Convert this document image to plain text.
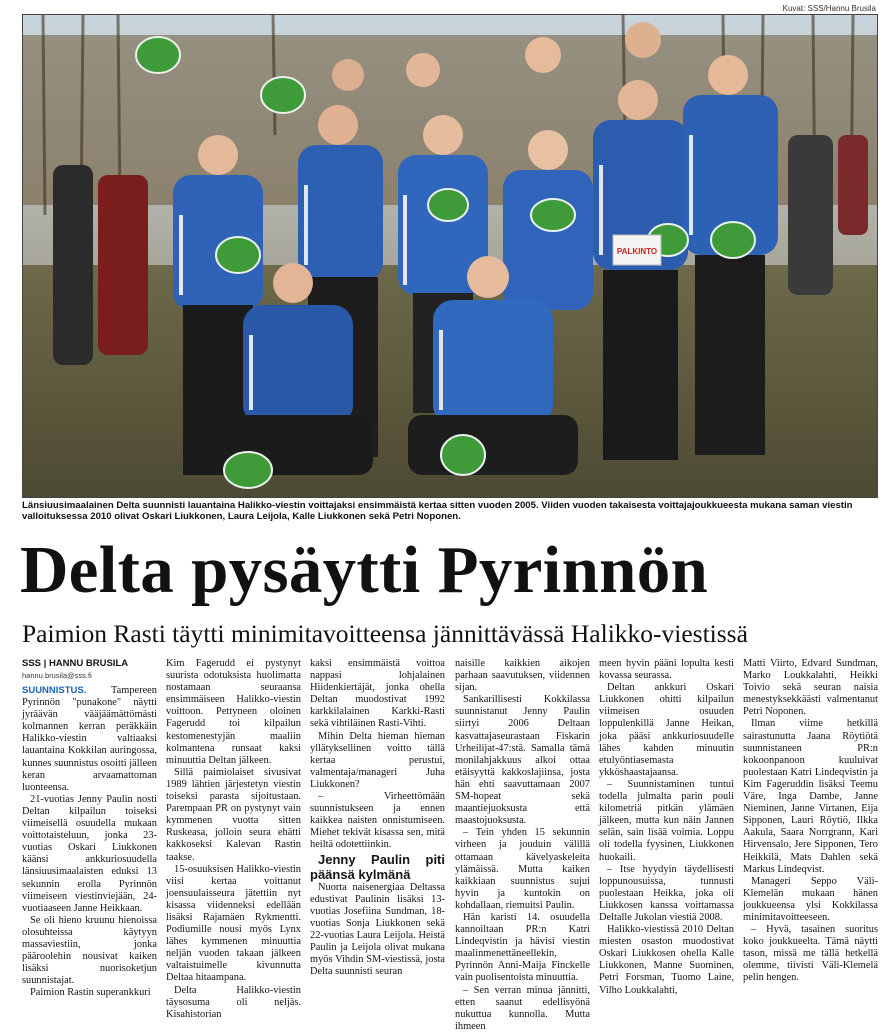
Kuvat: SSS/Hannu Brusila
PALKINTO
Länsiuusimaalainen Delta suunnisti lauantaina Halikko-viestin voittajaksi ensimmäistä kertaa sitten vuoden 2005. Viiden vuoden takaisesta voittajajoukkueesta mukana saman viestin valloituksessa 2010 olivat Oskari Liukkonen, Laura Leijola, Kalle Liukkonen sekä Petri Noponen.
Delta pysäytti Pyrinnön
Paimion Rasti täytti minimitavoitteensa jännittävässä Halikko-viestissä
SSS | HANNU BRUSILA
hannu.brusila@sss.fi

SUUNNISTUS. Tampereen Pyrinnön "punakone" näytti jyräävän vääjäämättömästi kolmannen kerran peräkkäin Halikko-viestin valtiaaksi lauantaina Kokkilan auringossa, kunnes suunnistus osoitti jälleen keran arvaamattoman luonteensa.

21-vuotias Jenny Paulin nosti Deltan kilpailun toiseksi viimeisellä osuudella mukaan voittotaisteluun, jonka 23-vuotias Oskari Liukkonen käänsi ankkuriosuudella länsiuusimaalaisten eduksi 13 sekunnin erolla Pyrinnön viimeiseen viestinviejään, 24-vuotiaaseen Janne Heikkaan.

Se oli hieno kruunu hienoissa olosuhteissa käytyyn massaviestiin, jonka pääroolehin nousivat kaiken lisäksi nuorisoketjun suunnistajat.

Paimion Rastin superankkuri

Kim Fagerudd ei pystynyt suurista odotuksista huolimatta nostamaan seuraansa ensimmäiseen Halikko-viestin voittoon. Pettyneen oloinen Fagerudd toi kilpailun kestomenestyjän maaliin kolmantena runsaat kaksi minuuttia Deltan jälkeen.

Sillä paimiolaiset sivusivat 1989 lähtien järjestetyn viestin toiseksi parasta sijoitustaan. Parempaan PR on pystynyt vain kymmenen vuotta sitten Ruskeasa, jolloin seura ehätti kakkoseksi Kalevan Rastin taakse.

15-osuuksisen Halikko-viestin viisi kertaa voittanut joensuulaisseura jätettiin nyt kisassa viidenneksi edellään lisäksi Rajamäen Rykmentti. Podiumille nousi myös Lynx lähes kymmenen minuuttia neljän vuoden takaan jälkeen valtaistuimelle kivunnutta Deltaa hitaampana.

Delta Halikko-viestin täysosuma oli neljäs. Kisahistorian

kaksi ensimmäistä voittoa nappasi lohjalainen Hiidenkiertäjät, jonka ohella Deltan muodostivat 1992 karkkilalainen Karkki-Rasti sekä vihtiläinen Rasti-Vihti.

Mihin Delta hieman hieman yllätyksellinen voitto tällä kertaa perustui, valmentaja/manageri Juha Liukkonen?

– Virheettömään suunnistukseen ja ennen kaikkea naisten onnistumiseen. Miehet tekivät kisassa sen, mitä heiltä odotettiinkin.

Jenny Paulin piti päänsä kylmänä

Nuorta naisenergiaa Deltassa edustivat Paulinin lisäksi 13-vuotias Josefiina Sundman, 18-vuotias Sonja Liukkonen sekä 22-vuotias Laura Leijola. Heistä Paulin ja Leijola olivat mukana myös Vihdin SM-viestissä, josta Delta suunnisti seuran

naisille kaikkien aikojen parhaan saavutuksen, viidennen sijan.

Sankarillisesti Kokkilassa suunnistanut Jenny Paulin siirtyi 2006 Deltaan kasvattajaseurastaan Fiskarin Urheilijat-47:stä. Samalla tämä monilahjakkuus alkoi ottaa etäisyyttä kakkoslajiinsa, josta hän ehti saavuttamaan 2007 SM-hopeat sekä maantiejuoksusta että maastojuoksusta.

– Tein yhden 15 sekunnin virheen ja jouduin välillä ottamaan kävelyaskeleita ylämäissä. Mutta kaiken kaikkiaan suunnistus sujui hyvin ja kuntokin on kohdallaan, riemuitsi Paulin.

Hän karisti 14. osuudella kannoiltaan PR:n Katri Lindeqvistin ja hävisi viestin maalinmenettäneellekin, Pyrinnön Anni-Maija Finckelle vain puolisentoista minuuttia.

– Sen verran minua jännitti, etten saanut edellisyönä nukuttua kunnolla. Mutta ihmeen

meen hyvin pääni lopulta kesti kovassa seurassa.

Deltan ankkuri Oskari Liukkonen ohitti kilpailun viimeisen osuuden loppulenkillä Janne Heikan, joka pääsi ankkuriosuudelle lähes kahden minuutin etulyöntiasemasta ykköshaastajaansa.

– Suunnistaminen tuntui todella julmalta parin pouli kilometriä pitkän ylämäen jälkeen, mutta kun näin Jannen selän, sain lisää voimia. Loppu oli todella fyysinen, Liukkonen huokaili.

– Itse hyydyin täydellisesti loppunousuissa, tunnusti puolestaan Heikka, joka oli Liukkosen kanssa voittamassa Deltalle Jukolan viestiä 2008.

Halikko-viestissä 2010 Deltan miesten osaston muodostivat Oskari Liukkosen ohella Kalle Liukkonen, Manne Suominen, Petri Forsman, Tuomo Laine, Vilho Loukkalahti,

Matti Viirto, Edvard Sundman, Marko Loukkalahti, Heikki Toivio sekä seuran naisia menestyksekkäästi valmentanut Petri Noponen.

Ilman viime hetkillä sairastunutta Jaana Röytiötä suunnistaneen PR:n kokoonpanoon kuuluivat puolestaan Katri Lindeqvistin ja Kim Fageruddin lisäksi Teemu Väre, Inga Dambe, Janne Nieminen, Janne Virtanen, Eija Sipponen, Lauri Röytiö, Ilkka Aakula, Saara Norrgrann, Kari Hirvensalo, Jere Sipponen, Tero Heikkilä, Mats Dahlen sekä Markus Lindeqvist.

Manageri Seppo Väli-Klemelän mukaan hänen joukkueensa ylsi Kokkilassa minimitavoitteeseen.

– Hyvä, tasainen suoritus koko joukkueelta. Tämä näytti tason, missä me tällä hetkellä olemme, tiivisti Väli-Klemelä pelin hengen.
